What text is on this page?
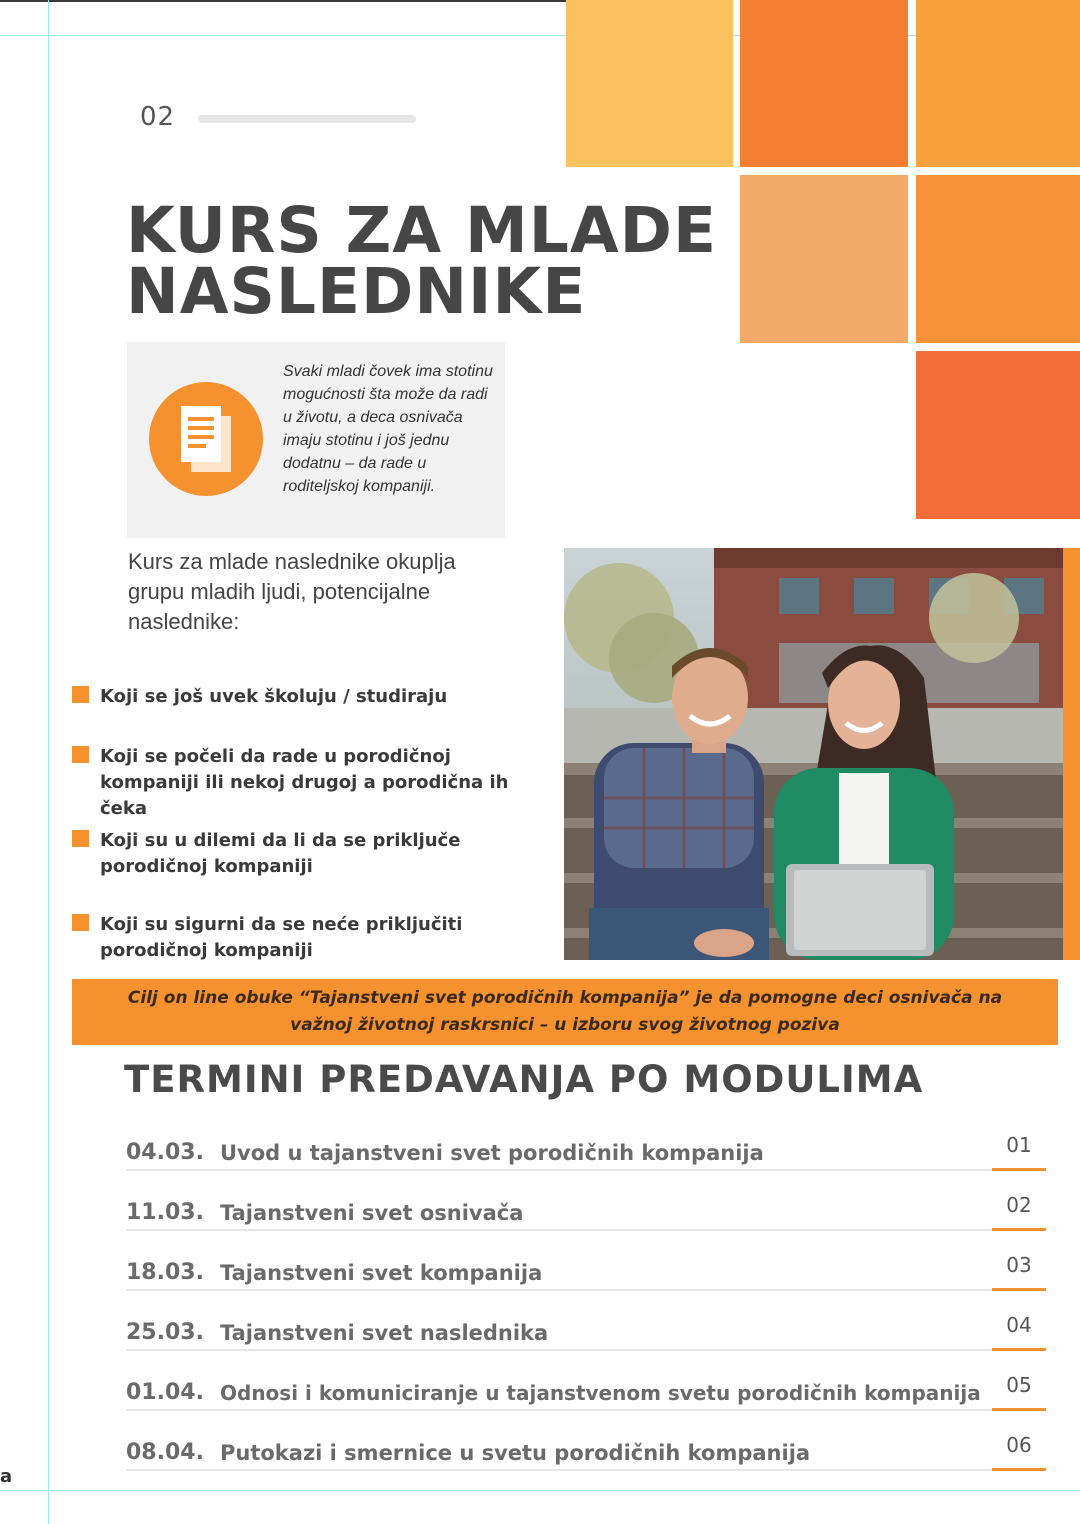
02
KURS ZA MLADE
NASLEDNIKE
Svaki mladi čovek ima stotinu mogućnosti šta može da radi u životu, a deca osnivača imaju stotinu i još jednu dodatnu – da rade u roditeljskoj kompaniji.
Kurs za mlade naslednike okuplja grupu mladih ljudi, potencijalne naslednike:
Koji se još uvek školuju / studiraju
Koji se počeli da rade u porodičnoj kompaniji ili nekoj drugoj a porodična ih čeka
Koji su u dilemi da li da se priključe porodičnoj kompaniji
Koji su sigurni da se neće priključiti porodičnoj kompaniji
Cilj on line obuke “Tajanstveni svet porodičnih kompanija” je da pomogne deci osnivača na važnoj životnoj raskrsnici – u izboru svog životnog poziva
TERMINI PREDAVANJA PO MODULIMA
04.03. Uvod u tajanstveni svet porodičnih kompanija	01
11.03. Tajanstveni svet osnivača	02
18.03. Tajanstveni svet kompanija	03
25.03. Tajanstveni svet naslednika	04
01.04. Odnosi i komuniciranje u tajanstvenom svetu porodičnih kompanija	05
08.04. Putokazi i smernice u svetu porodičnih kompanija	06
a
